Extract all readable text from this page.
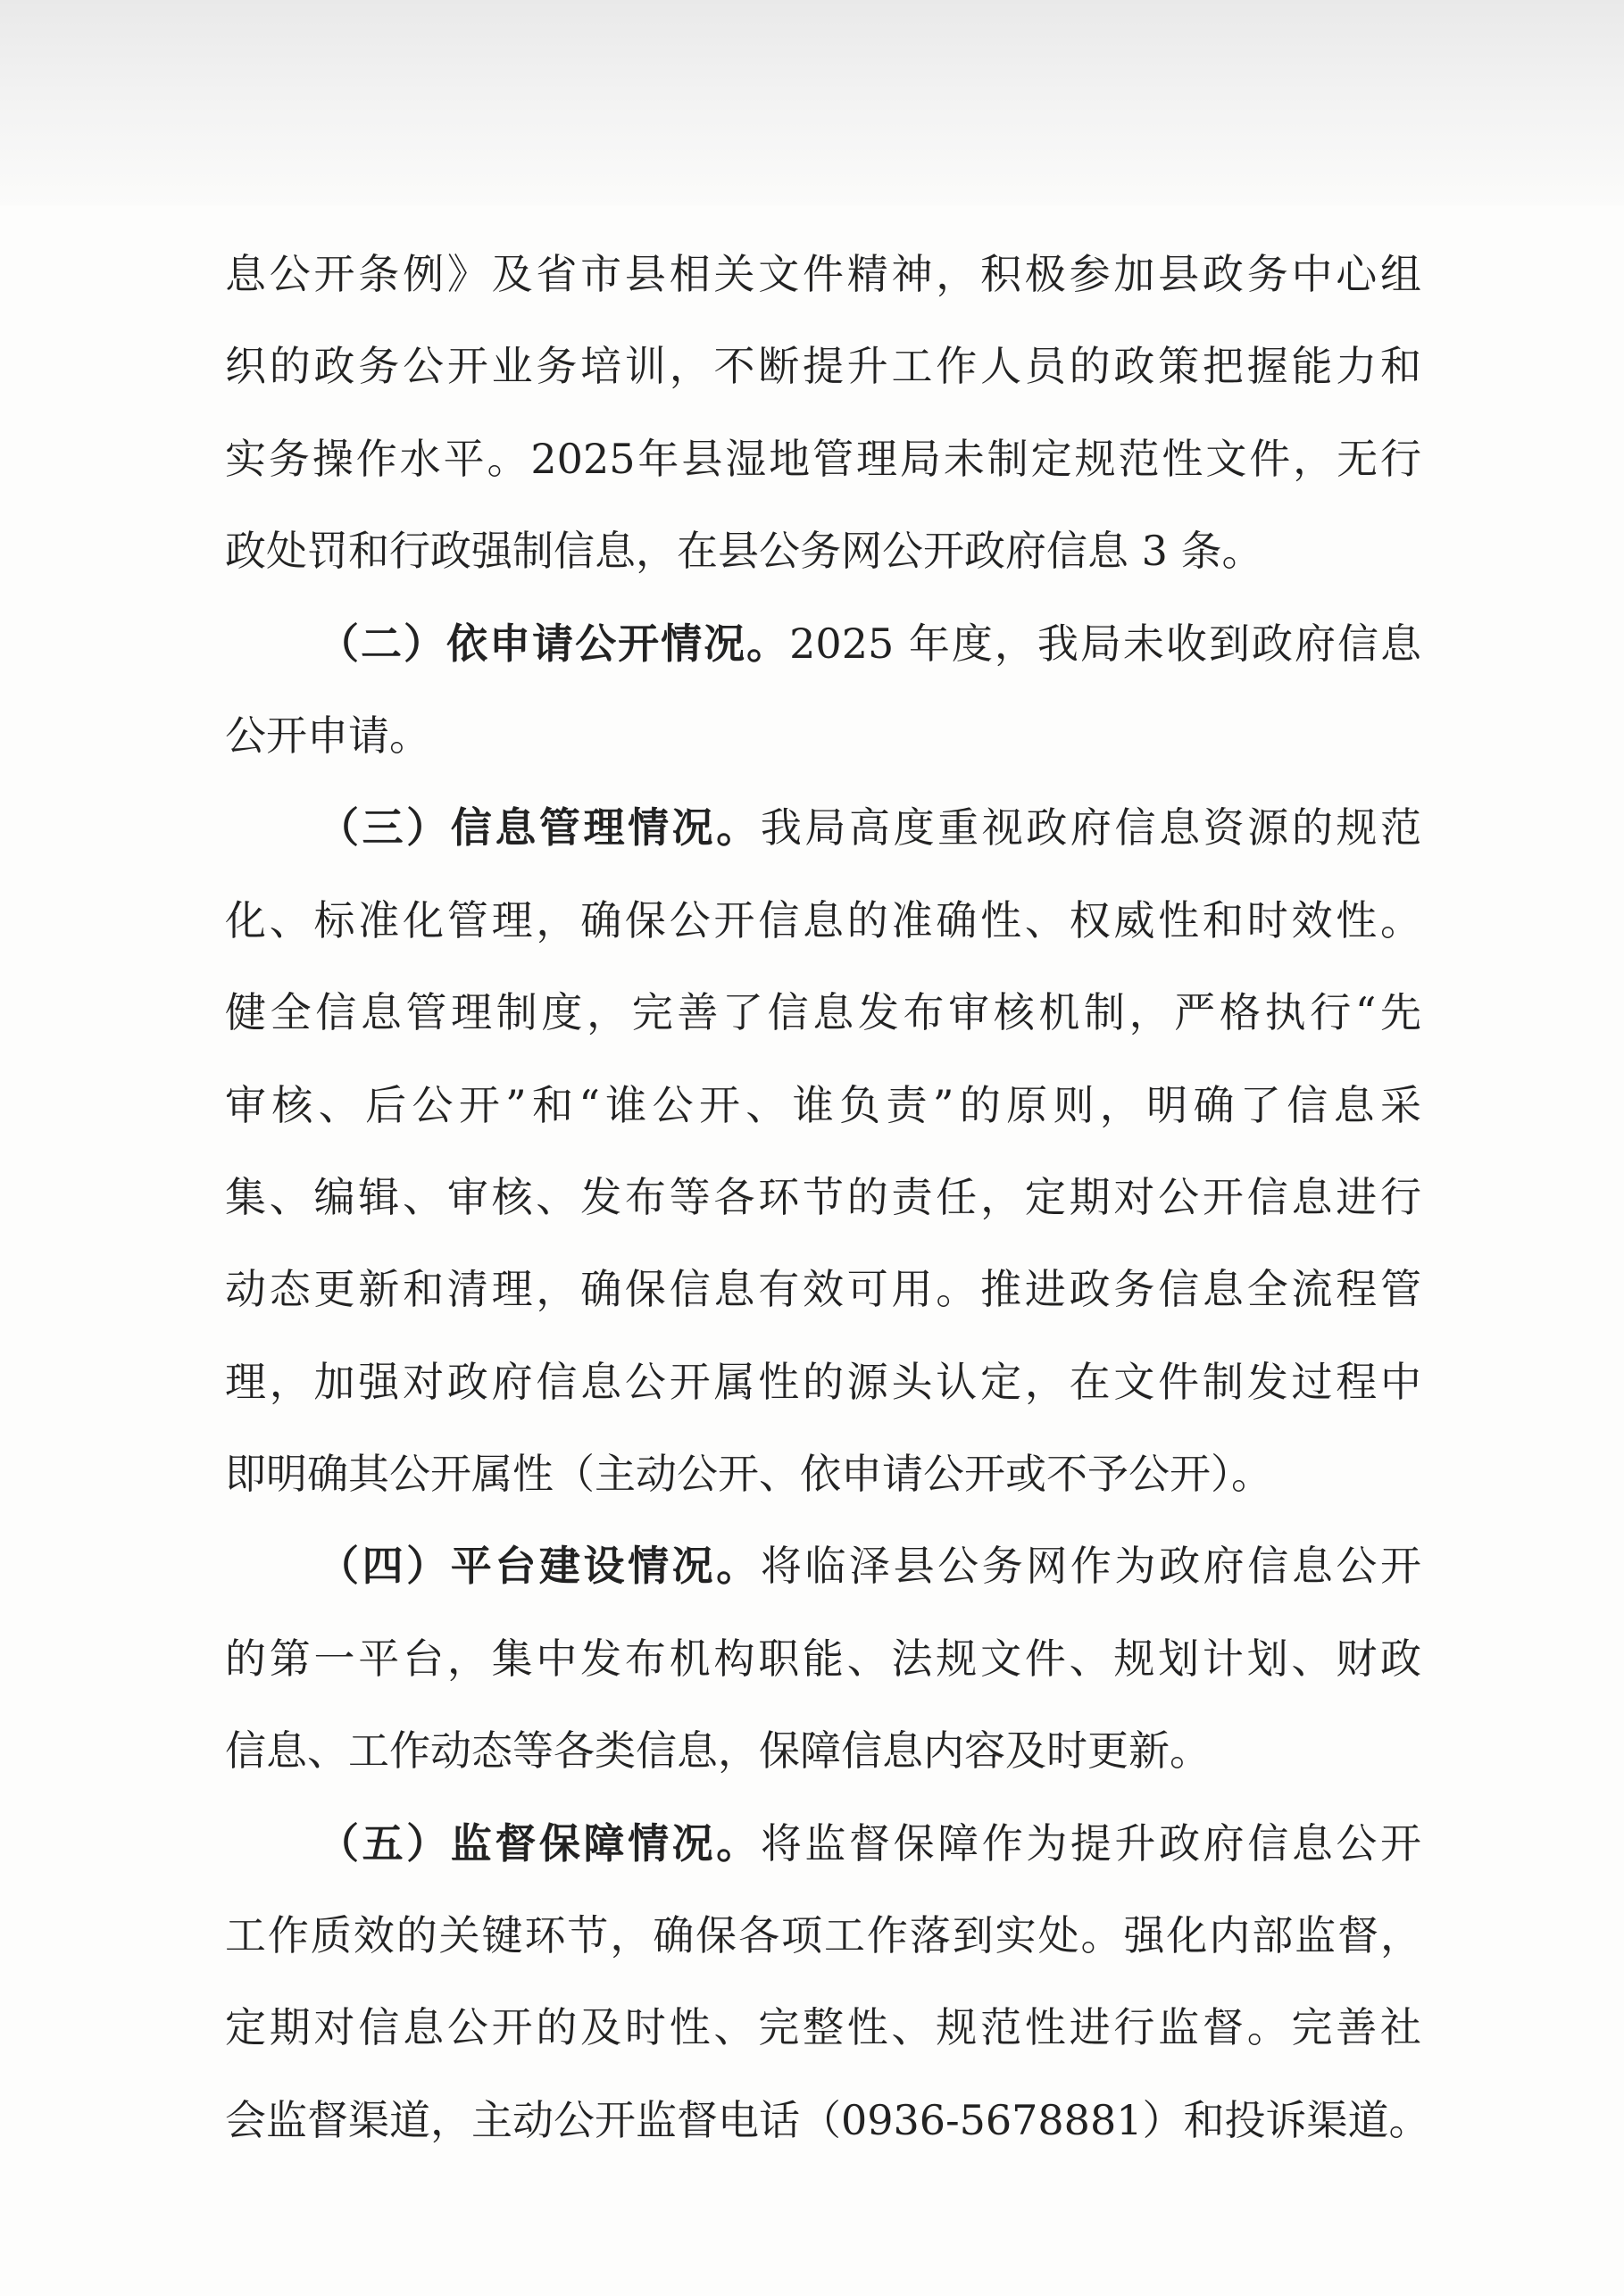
息公开条例》及省市县相关文件精神，积极参加县政务中心组
织的政务公开业务培训，不断提升工作人员的政策把握能力和
实务操作水平。2025年县湿地管理局未制定规范性文件，无行
政处罚和行政强制信息，在县公务网公开政府信息 3 条。
（二）依申请公开情况。2025 年度，我局未收到政府信息
公开申请。
（三）信息管理情况。我局高度重视政府信息资源的规范
化、标准化管理，确保公开信息的准确性、权威性和时效性。
健全信息管理制度，完善了信息发布审核机制，严格执行“先
审核、后公开”和“谁公开、谁负责”的原则，明确了信息采
集、编辑、审核、发布等各环节的责任，定期对公开信息进行
动态更新和清理，确保信息有效可用。推进政务信息全流程管
理，加强对政府信息公开属性的源头认定，在文件制发过程中
即明确其公开属性（主动公开、依申请公开或不予公开）。
（四）平台建设情况。将临泽县公务网作为政府信息公开
的第一平台，集中发布机构职能、法规文件、规划计划、财政
信息、工作动态等各类信息，保障信息内容及时更新。
（五）监督保障情况。将监督保障作为提升政府信息公开
工作质效的关键环节，确保各项工作落到实处。强化内部监督，
定期对信息公开的及时性、完整性、规范性进行监督。完善社
会监督渠道，主动公开监督电话（0936-5678881）和投诉渠道。
